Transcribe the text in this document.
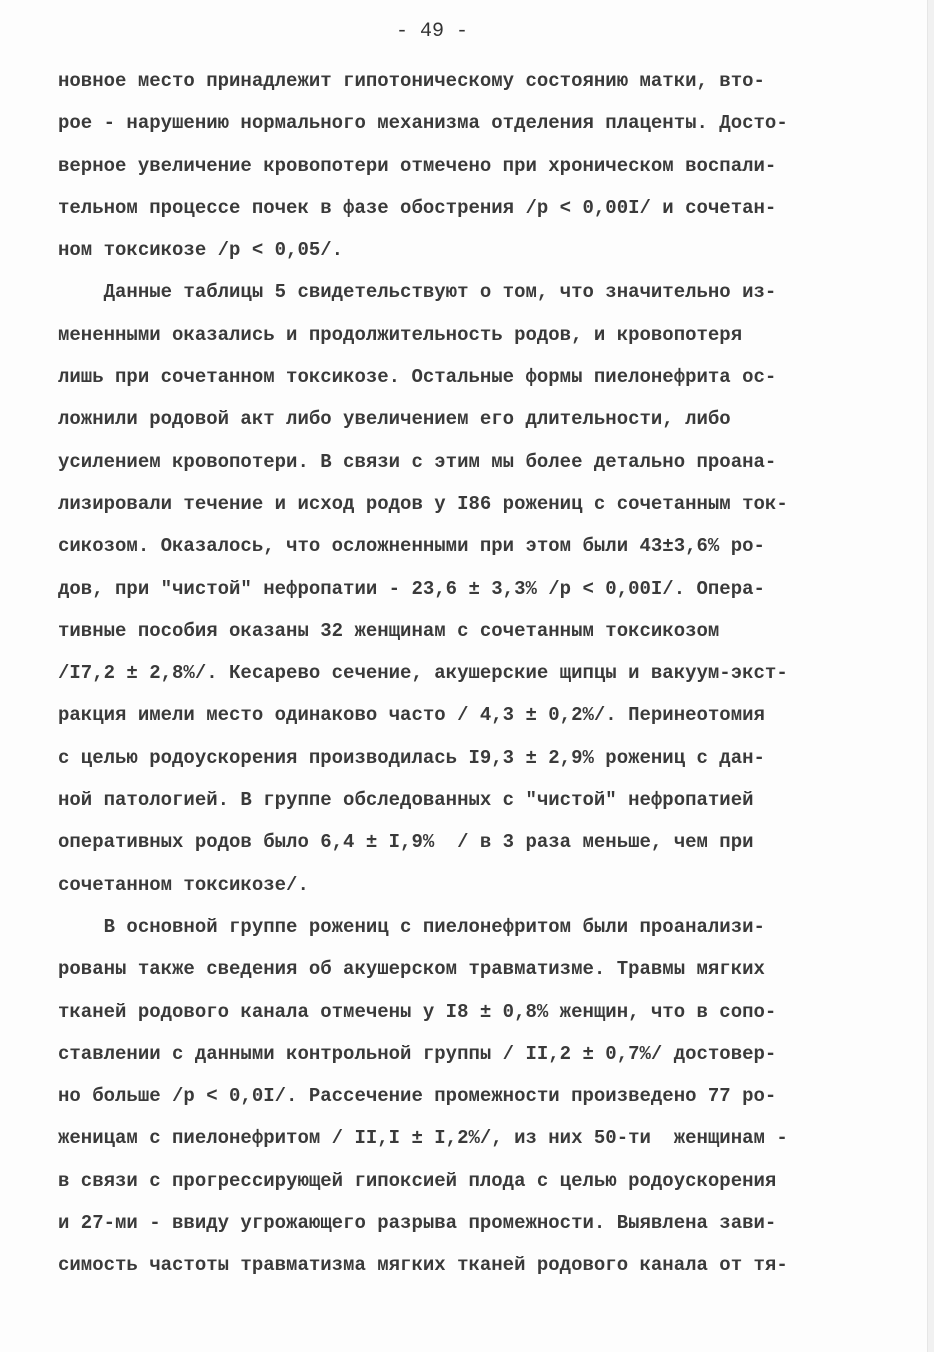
- 49 -
новное место принадлежит гипотоническому состоянию матки, вто-
рое - нарушению нормального механизма отделения плаценты. Досто-
верное увеличение кровопотери отмечено при хроническом воспали-
тельном процессе почек в фазе обострения /р < 0,00I/ и сочетан-
ном токсикозе /р < 0,05/.
Данные таблицы 5 свидетельствуют о том, что значительно из-
мененными оказались и продолжительность родов, и кровопотеря
лишь при сочетанном токсикозе. Остальные формы пиелонефрита ос-
ложнили родовой акт либо увеличением его длительности, либо
усилением кровопотери. В связи с этим мы более детально проана-
лизировали течение и исход родов у I86 рожениц с сочетанным ток-
сикозом. Оказалось, что осложненными при этом были 43±3,6% ро-
дов, при "чистой" нефропатии - 23,6 ± 3,3% /р < 0,00I/. Опера-
тивные пособия оказаны 32 женщинам с сочетанным токсикозом
/I7,2 ± 2,8%/. Кесарево сечение, акушерские щипцы и вакуум-экст-
ракция имели место одинаково часто / 4,3 ± 0,2%/. Перинеотомия
с целью родоускорения производилась I9,3 ± 2,9% рожениц с дан-
ной патологией. В группе обследованных с "чистой" нефропатией
оперативных родов было 6,4 ± I,9%  / в 3 раза меньше, чем при
сочетанном токсикозе/.
В основной группе рожениц с пиелонефритом были проанализи-
рованы также сведения об акушерском травматизме. Травмы мягких
тканей родового канала отмечены у I8 ± 0,8% женщин, что в сопо-
ставлении с данными контрольной группы / II,2 ± 0,7%/ достовер-
но больше /р < 0,0I/. Рассечение промежности произведено 77 ро-
женицам с пиелонефритом / II,I ± I,2%/, из них 50-ти  женщинам -
в связи с прогрессирующей гипоксией плода с целью родоускорения
и 27-ми - ввиду угрожающего разрыва промежности. Выявлена зави-
симость частоты травматизма мягких тканей родового канала от тя-
